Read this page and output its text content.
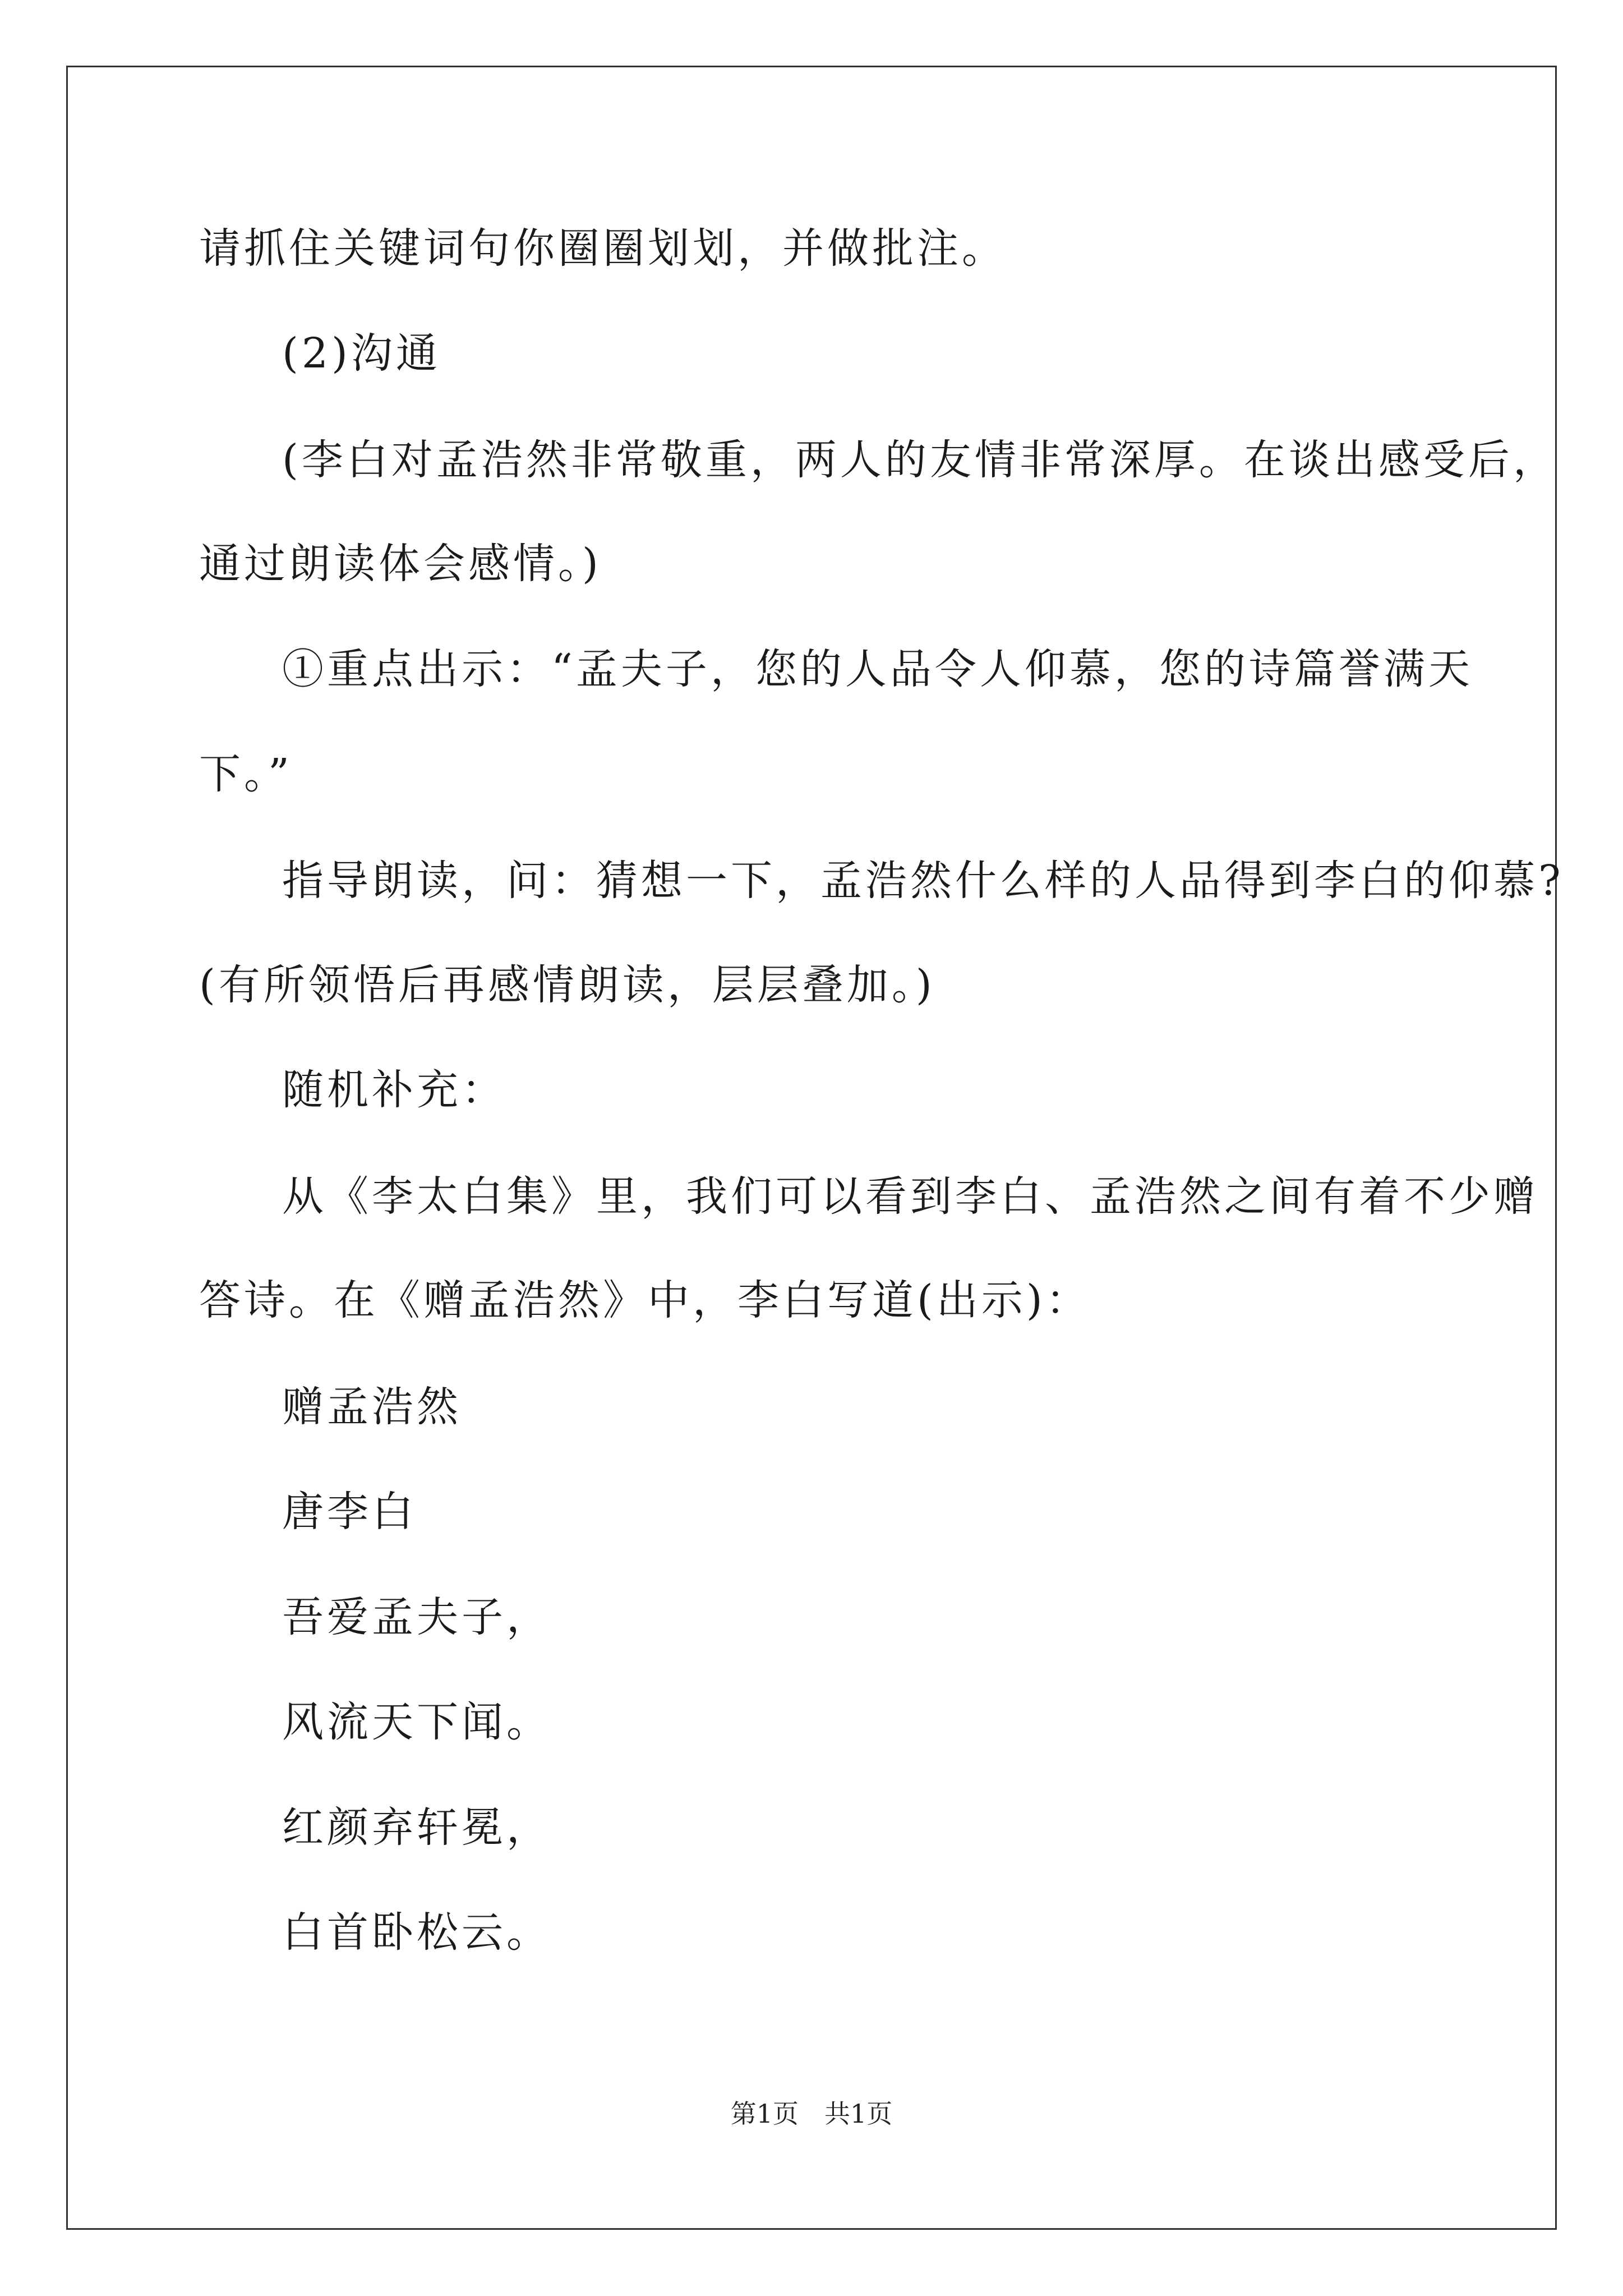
请抓住关键词句你圈圈划划，并做批注。
(2)沟通
(李白对孟浩然非常敬重，两人的友情非常深厚。在谈出感受后，
通过朗读体会感情。)
①重点出示：“孟夫子，您的人品令人仰慕，您的诗篇誉满天
下。”
指导朗读，问：猜想一下，孟浩然什么样的人品得到李白的仰慕?
(有所领悟后再感情朗读，层层叠加。)
随机补充：
从《李太白集》里，我们可以看到李白、孟浩然之间有着不少赠
答诗。在《赠孟浩然》中，李白写道(出示)：
赠孟浩然
唐李白
吾爱孟夫子，
风流天下闻。
红颜弃轩冕，
白首卧松云。
第1页 共1页
